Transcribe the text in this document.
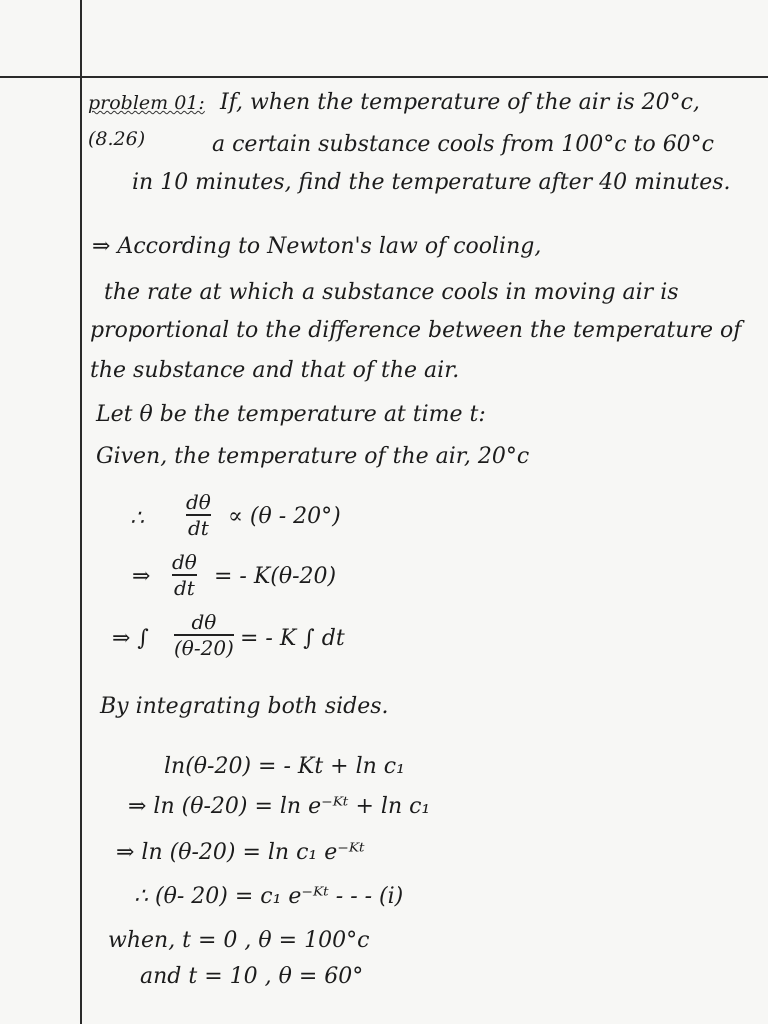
problem 01: If, when the temperature of the air is 20°c,
(8.26)	a certain substance cools from 100°c to 60°c
in 10 minutes, find the temperature after 40 minutes.
⇒ According to Newton's law of cooling,
the rate at which a substance cools in moving air is
proportional to the difference between the temperature of
the substance and that of the air.
Let θ be the temperature at time t:
Given, the temperature of the air, 20°c
∴
dθ
dt ∝ (θ - 20°)
⇒
dθ
dt = - K(θ-20)
⇒ ∫
dθ
(θ-20) = - K ∫ dt
By integrating both sides.
ln(θ-20) = - Kt + ln c₁
⇒ ln (θ-20) = ln e⁻ᴷᵗ + ln c₁
⇒ ln (θ-20) = ln c₁ e⁻ᴷᵗ
∴ (θ- 20) = c₁ e⁻ᴷᵗ - - - (i)
when, t = 0 , θ = 100°c
and t = 10 , θ = 60°
